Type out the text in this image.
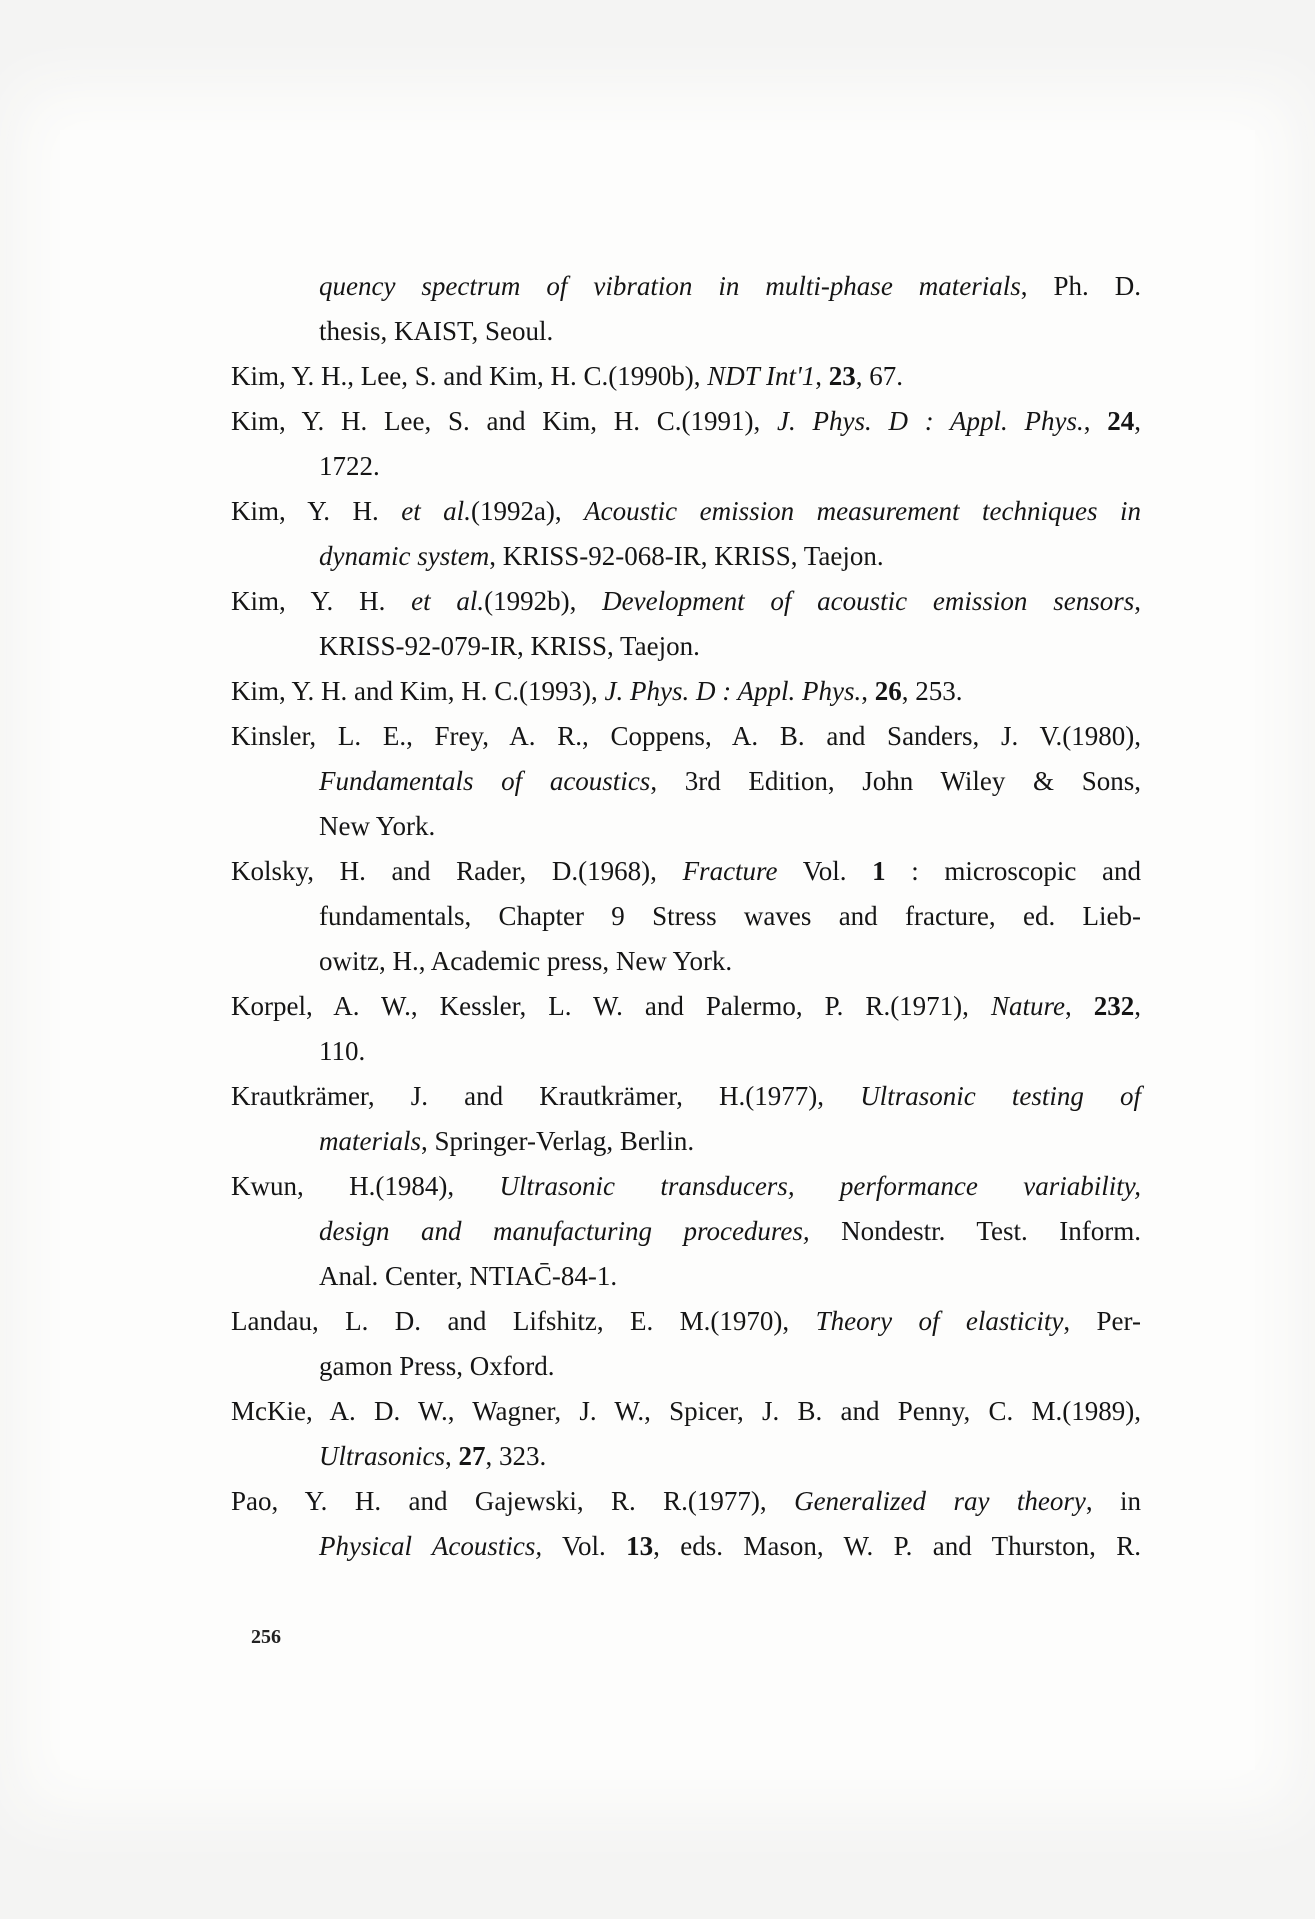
quency spectrum of vibration in multi-phase materials, Ph. D.
thesis, KAIST, Seoul.
Kim, Y. H., Lee, S. and Kim, H. C.(1990b), NDT Int'1, 23, 67.
Kim, Y. H. Lee, S. and Kim, H. C.(1991), J. Phys. D : Appl. Phys., 24,
1722.
Kim, Y. H. et al.(1992a), Acoustic emission measurement techniques in
dynamic system, KRISS-92-068-IR, KRISS, Taejon.
Kim, Y. H. et al.(1992b), Development of acoustic emission sensors,
KRISS-92-079-IR, KRISS, Taejon.
Kim, Y. H. and Kim, H. C.(1993), J. Phys. D : Appl. Phys., 26, 253.
Kinsler, L. E., Frey, A. R., Coppens, A. B. and Sanders, J. V.(1980),
Fundamentals of acoustics, 3rd Edition, John Wiley & Sons,
New York.
Kolsky, H. and Rader, D.(1968), Fracture Vol. 1 : microscopic and
fundamentals, Chapter 9 Stress waves and fracture, ed. Lieb-
owitz, H., Academic press, New York.
Korpel, A. W., Kessler, L. W. and Palermo, P. R.(1971), Nature, 232,
110.
Krautkrämer, J. and Krautkrämer, H.(1977), Ultrasonic testing of
materials, Springer-Verlag, Berlin.
Kwun, H.(1984), Ultrasonic transducers, performance variability,
design and manufacturing procedures, Nondestr. Test. Inform.
Anal. Center, NTIAC̄-84-1.
Landau, L. D. and Lifshitz, E. M.(1970), Theory of elasticity, Per-
gamon Press, Oxford.
McKie, A. D. W., Wagner, J. W., Spicer, J. B. and Penny, C. M.(1989),
Ultrasonics, 27, 323.
Pao, Y. H. and Gajewski, R. R.(1977), Generalized ray theory, in
Physical Acoustics, Vol. 13, eds. Mason, W. P. and Thurston, R.
256
